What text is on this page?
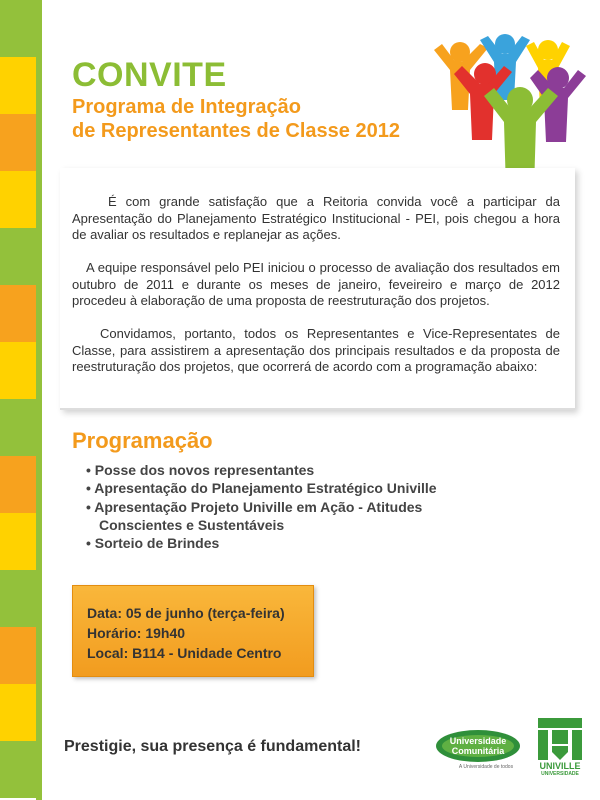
CONVITE
Programa de Integração
de Representantes de Classe 2012

É com grande satisfação que a Reitoria convida você a participar da Apresentação do Planejamento Estratégico Institucional - PEI, pois chegou a hora de avaliar os resultados e replanejar as ações.

A equipe responsável pelo PEI iniciou o processo de avaliação dos resultados em outubro de 2011 e durante os meses de janeiro, feveireiro e março de 2012 procedeu à elaboração de uma proposta de reestruturação dos projetos.

Convidamos, portanto, todos os Representantes e Vice-Representates de Classe, para assistirem a apresentação dos principais resultados e da proposta de reestruturação dos projetos, que ocorrerá de acordo com a programação abaixo:

Programação
• Posse dos novos representantes
• Apresentação do Planejamento Estratégico Univille
• Apresentação Projeto Univille em Ação - Atitudes
Conscientes e Sustentáveis
• Sorteio de Brindes
Data: 05 de junho (terça-feira)
Horário: 19h40
Local: B114 - Unidade Centro
Prestigie, sua presença é fundamental!	Universidade
Comunitária
A Universidade de todos	UNIVILLE
UNIVERSIDADE
